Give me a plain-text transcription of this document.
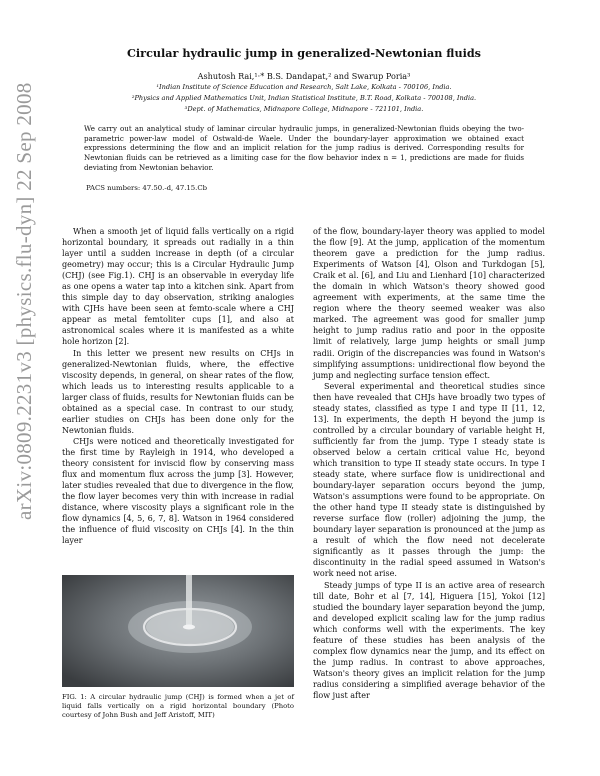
arXiv:0809.2231v3 [physics.flu-dyn] 22 Sep 2008
Circular hydraulic jump in generalized-Newtonian fluids
Ashutosh Rai,¹·* B.S. Dandapat,² and Swarup Poria³
¹Indian Institute of Science Education and Research, Salt Lake, Kolkata - 700106, India.
²Physics and Applied Mathematics Unit, Indian Statistical Institute, B.T. Road, Kolkata - 700108, India.
³Dept. of Mathematics, Midnapore College, Midnapore - 721101, India.
We carry out an analytical study of laminar circular hydraulic jumps, in generalized-Newtonian fluids obeying the two-parametric power-law model of Ostwald-de Waele. Under the boundary-layer approximation we obtained exact expressions determining the flow and an implicit relation for the jump radius is derived. Corresponding results for Newtonian fluids can be retrieved as a limiting case for the flow behavior index n = 1, predictions are made for fluids deviating from Newtonian behavior.
PACS numbers: 47.50.-d, 47.15.Cb

When a smooth jet of liquid falls vertically on a rigid horizontal boundary, it spreads out radially in a thin layer until a sudden increase in depth (of a circular geometry) may occur; this is a Circular Hydraulic Jump (CHJ) (see Fig.1). CHJ is an observable in everyday life as one opens a water tap into a kitchen sink. Apart from this simple day to day observation, striking analogies with CJHs have been seen at femto-scale where a CHJ appear as metal femtoliter cups [1], and also at astronomical scales where it is manifested as a white hole horizon [2].

In this letter we present new results on CHJs in generalized-Newtonian fluids, where, the effective viscosity depends, in general, on shear rates of the flow, which leads us to interesting results applicable to a larger class of fluids, results for Newtonian fluids can be obtained as a special case. In contrast to our study, earlier studies on CHJs has been done only for the Newtonian fluids.

CHJs were noticed and theoretically investigated for the first time by Rayleigh in 1914, who developed a theory consistent for inviscid flow by conserving mass flux and momentum flux across the jump [3]. However, later studies revealed that due to divergence in the flow, the flow layer becomes very thin with increase in radial distance, where viscosity plays a significant role in the flow dynamics [4, 5, 6, 7, 8]. Watson in 1964 considered the influence of fluid viscosity on CHJs [4]. In the thin layer

FIG. 1: A circular hydraulic jump (CHJ) is formed when a jet of liquid falls vertically on a rigid horizontal boundary (Photo courtesy of John Bush and Jeff Aristoff, MIT)

of the flow, boundary-layer theory was applied to model the flow [9]. At the jump, application of the momentum theorem gave a prediction for the jump radius. Experiments of Watson [4], Olson and Turkdogan [5], Craik et al. [6], and Liu and Lienhard [10] characterized the domain in which Watson's theory showed good agreement with experiments, at the same time the region where the theory seemed weaker was also marked. The agreement was good for smaller jump height to jump radius ratio and poor in the opposite limit of relatively, large jump heights or small jump radii. Origin of the discrepancies was found in Watson's simplifying assumptions: unidirectional flow beyond the jump and neglecting surface tension effect.

Several experimental and theoretical studies since then have revealed that CHJs have broadly two types of steady states, classified as type I and type II [11, 12, 13]. In experiments, the depth H beyond the jump is controlled by a circular boundary of variable height H, sufficiently far from the jump. Type I steady state is observed below a certain critical value Hc, beyond which transition to type II steady state occurs. In type I steady state, where surface flow is unidirectional and boundary-layer separation occurs beyond the jump, Watson's assumptions were found to be appropriate. On the other hand type II steady state is distinguished by reverse surface flow (roller) adjoining the jump, the boundary layer separation is pronounced at the jump as a result of which the flow need not decelerate significantly as it passes through the jump: the discontinuity in the radial speed assumed in Watson's work need not arise.

Steady jumps of type II is an active area of research till date, Bohr et al [7, 14], Higuera [15], Yokoi [12] studied the boundary layer separation beyond the jump, and developed explicit scaling law for the jump radius which conforms well with the experiments. The key feature of these studies has been analysis of the complex flow dynamics near the jump, and its effect on the jump radius. In contrast to above approaches, Watson's theory gives an implicit relation for the jump radius considering a simplified average behavior of the flow just after
